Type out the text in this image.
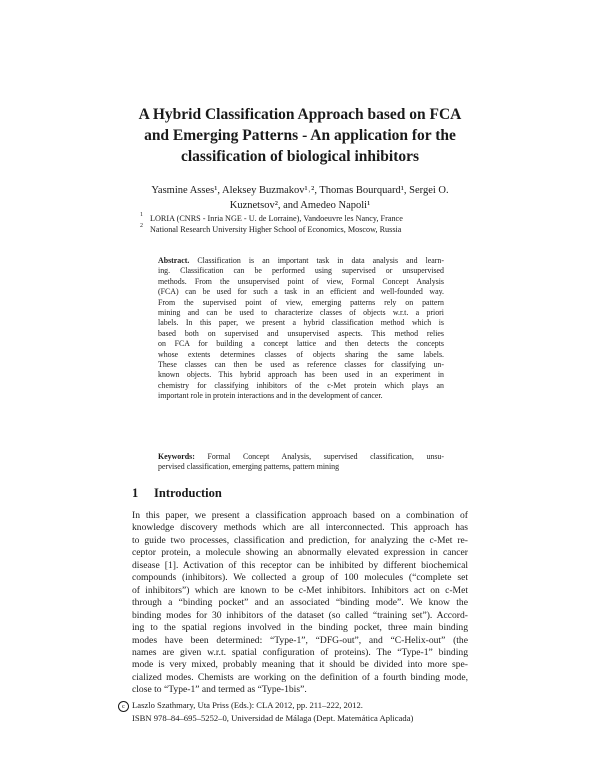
A Hybrid Classification Approach based on FCA
and Emerging Patterns - An application for the
classification of biological inhibitors
Yasmine Asses¹, Aleksey Buzmakov¹˒², Thomas Bourquard¹, Sergei O.
Kuznetsov², and Amedeo Napoli¹
1 LORIA (CNRS - Inria NGE - U. de Lorraine), Vandoeuvre les Nancy, France
2 National Research University Higher School of Economics, Moscow, Russia
Abstract. Classification is an important task in data analysis and learn-
ing. Classification can be performed using supervised or unsupervised
methods. From the unsupervised point of view, Formal Concept Analysis
(FCA) can be used for such a task in an efficient and well-founded way.
From the supervised point of view, emerging patterns rely on pattern
mining and can be used to characterize classes of objects w.r.t. a priori
labels. In this paper, we present a hybrid classification method which is
based both on supervised and unsupervised aspects. This method relies
on FCA for building a concept lattice and then detects the concepts
whose extents determines classes of objects sharing the same labels.
These classes can then be used as reference classes for classifying un-
known objects. This hybrid approach has been used in an experiment in
chemistry for classifying inhibitors of the c-Met protein which plays an
important role in protein interactions and in the development of cancer.
Keywords: Formal Concept Analysis, supervised classification, unsu-
pervised classification, emerging patterns, pattern mining
1 Introduction
In this paper, we present a classification approach based on a combination of
knowledge discovery methods which are all interconnected. This approach has
to guide two processes, classification and prediction, for analyzing the c-Met re-
ceptor protein, a molecule showing an abnormally elevated expression in cancer
disease [1]. Activation of this receptor can be inhibited by different biochemical
compounds (inhibitors). We collected a group of 100 molecules (“complete set
of inhibitors”) which are known to be c-Met inhibitors. Inhibitors act on c-Met
through a “binding pocket” and an associated “binding mode”. We know the
binding modes for 30 inhibitors of the dataset (so called “training set”). Accord-
ing to the spatial regions involved in the binding pocket, three main binding
modes have been determined: “Type-1”, “DFG-out”, and “C-Helix-out” (the
names are given w.r.t. spatial configuration of proteins). The “Type-1” binding
mode is very mixed, probably meaning that it should be divided into more spe-
cialized modes. Chemists are working on the definition of a fourth binding mode,
close to “Type-1” and termed as “Type-1bis”.
c Laszlo Szathmary, Uta Priss (Eds.): CLA 2012, pp. 211–222, 2012.
ISBN 978–84–695–5252–0, Universidad de Málaga (Dept. Matemática Aplicada)
